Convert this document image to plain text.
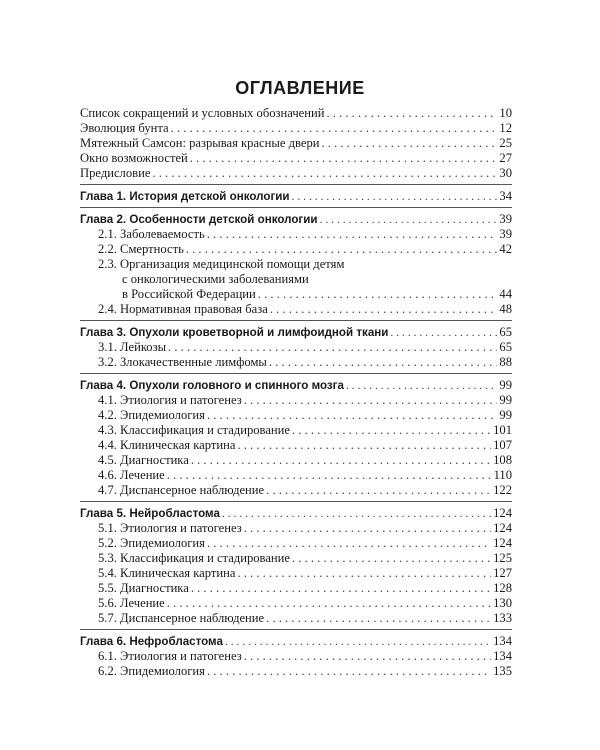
ОГЛАВЛЕНИЕ
Список сокращений и условных обозначений . . .	10
Эволюция бунта . . .	12
Мятежный Самсон: разрывая красные двери . . .	25
Окно возможностей . . .	27
Предисловие . . .	30
Глава 1. История детской онкологии . . .	34
Глава 2. Особенности детской онкологии . . .	39
2.1. Заболеваемость . . .	39
2.2. Смертность . . .	42
2.3. Организация медицинской помощи детям
с онкологическими заболеваниями
в Российской Федерации . . .	44
2.4. Нормативная правовая база . . .	48
Глава 3. Опухоли кроветворной и лимфоидной ткани . . .	65
3.1. Лейкозы . . .	65
3.2. Злокачественные лимфомы . . .	88
Глава 4. Опухоли головного и спинного мозга . . .	99
4.1. Этиология и патогенез . . .	99
4.2. Эпидемиология . . .	99
4.3. Классификация и стадирование . . .	101
4.4. Клиническая картина . . .	107
4.5. Диагностика . . .	108
4.6. Лечение . . .	110
4.7. Диспансерное наблюдение . . .	122
Глава 5. Нейробластома . . .	124
5.1. Этиология и патогенез . . .	124
5.2. Эпидемиология . . .	124
5.3. Классификация и стадирование . . .	125
5.4. Клиническая картина . . .	127
5.5. Диагностика . . .	128
5.6. Лечение . . .	130
5.7. Диспансерное наблюдение . . .	133
Глава 6. Нефробластома . . .	134
6.1. Этиология и патогенез . . .	134
6.2. Эпидемиология . . .	135
